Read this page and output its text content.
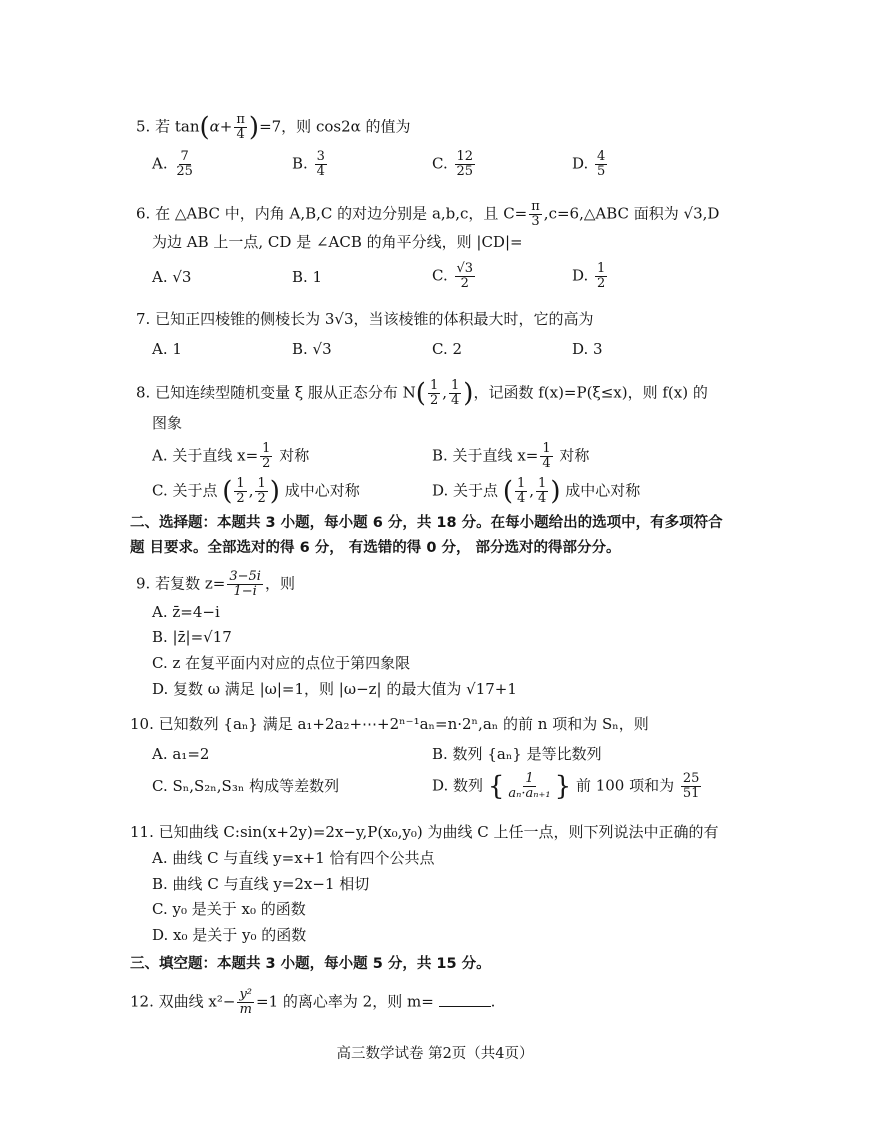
5. 若 $\tan(\alpha+ \frac{\pi}{4} )=7$，则 cos2α 的值为
A. $\frac{7}{25}$	B. $\frac{3}{4}$	C. $\frac{12}{25}$	D. $\frac{4}{5}$
6. 在 △ABC 中，内角 A,B,C 的对边分别是 a,b,c，且 $C= \frac{\pi}{3}$ ,c=6,△ABC 面积为 √3,D
为边 AB 上一点, CD 是 ∠ACB 的角平分线，则 |CD|=
A. √3	B. 1	C. $\frac{√3}{2}$	D. $\frac{1}{2}$
7. 已知正四棱锥的侧棱长为 3√3，当该棱锥的体积最大时，它的高为
A. 1	B. √3	C. 2	D. 3
8. 已知连续型随机变量 ξ 服从正态分布 $N( \frac{1}{2}$ , $\frac{1}{4}$ )，记函数 f(x)=P(ξ≤x)，则 f(x) 的
图象
A. 关于直线 $x= \frac{1}{2}$ 对称	B. 关于直线 $x= \frac{1}{4}$ 对称
C. 关于点 ( $\frac{1}{2}$ , $\frac{1}{2}$ ) 成中心对称	D. 关于点 ( $\frac{1}{4}$ , $\frac{1}{4}$ ) 成中心对称
二、选择题：本题共 3 小题，每小题 6 分，共 18 分。在每小题给出的选项中，有多项符合
题 目要求。全部选对的得 6 分， 有选错的得 0 分， 部分选对的得部分分。
9. 若复数 $z= \frac{3-5i}{1-i}$ ，则
A. z̄=4−i
B. |z̄|=√17
C. z 在复平面内对应的点位于第四象限
D. 复数 ω 满足 |ω|=1，则 |ω−z| 的最大值为 √17+1
10. 已知数列 {aₙ} 满足 a₁+2a₂+⋯+2ⁿ⁻¹aₙ=n·2ⁿ,aₙ 的前 n 项和为 Sₙ，则
A. a₁=2	B. 数列 {aₙ} 是等比数列
C. Sₙ,S₂ₙ,S₃ₙ 构成等差数列	D. 数列 { $\frac{1}{\text{aₙ·aₙ₊₁}}$ } 前 100 项和为 $\frac{25}{51}$
11. 已知曲线 C:sin(x+2y)=2x−y,P(x₀,y₀) 为曲线 C 上任一点，则下列说法中正确的有
A. 曲线 C 与直线 y=x+1 恰有四个公共点
B. 曲线 C 与直线 y=2x−1 相切
C. y₀ 是关于 x₀ 的函数
D. x₀ 是关于 y₀ 的函数
三、填空题：本题共 3 小题，每小题 5 分，共 15 分。
12. 双曲线 $x^2- \frac{\text{y²}}{m} =1$ 的离心率为 2，则 m=	.
高三数学试卷 第2页（共4页）
